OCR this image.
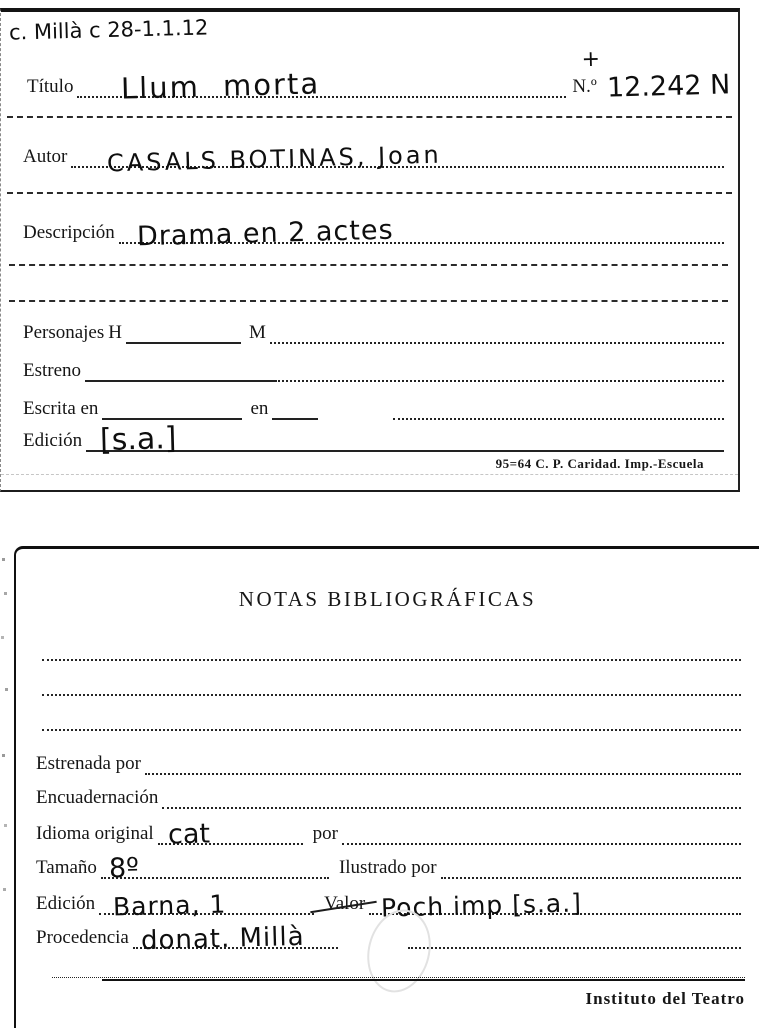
c. Millà c 28-1.1.12
Título Llum morta
+
N.º 12.242 N
Autor CASALS BOTINAS, Joan
Descripción Drama en 2 actes
Personajes H	M
Estreno
Escrita en	en
Edición [s.a.]
95=64 C. P. Caridad. Imp.-Escuela
NOTAS BIBLIOGRÁFICAS
Estrenada por
Encuadernación
Idioma original cat	por
Tamaño 8º	Ilustrado por
Edición Barna, 1	Valor Poch imp [s.a.]
Procedencia donat. Millà
Instituto del Teatro
